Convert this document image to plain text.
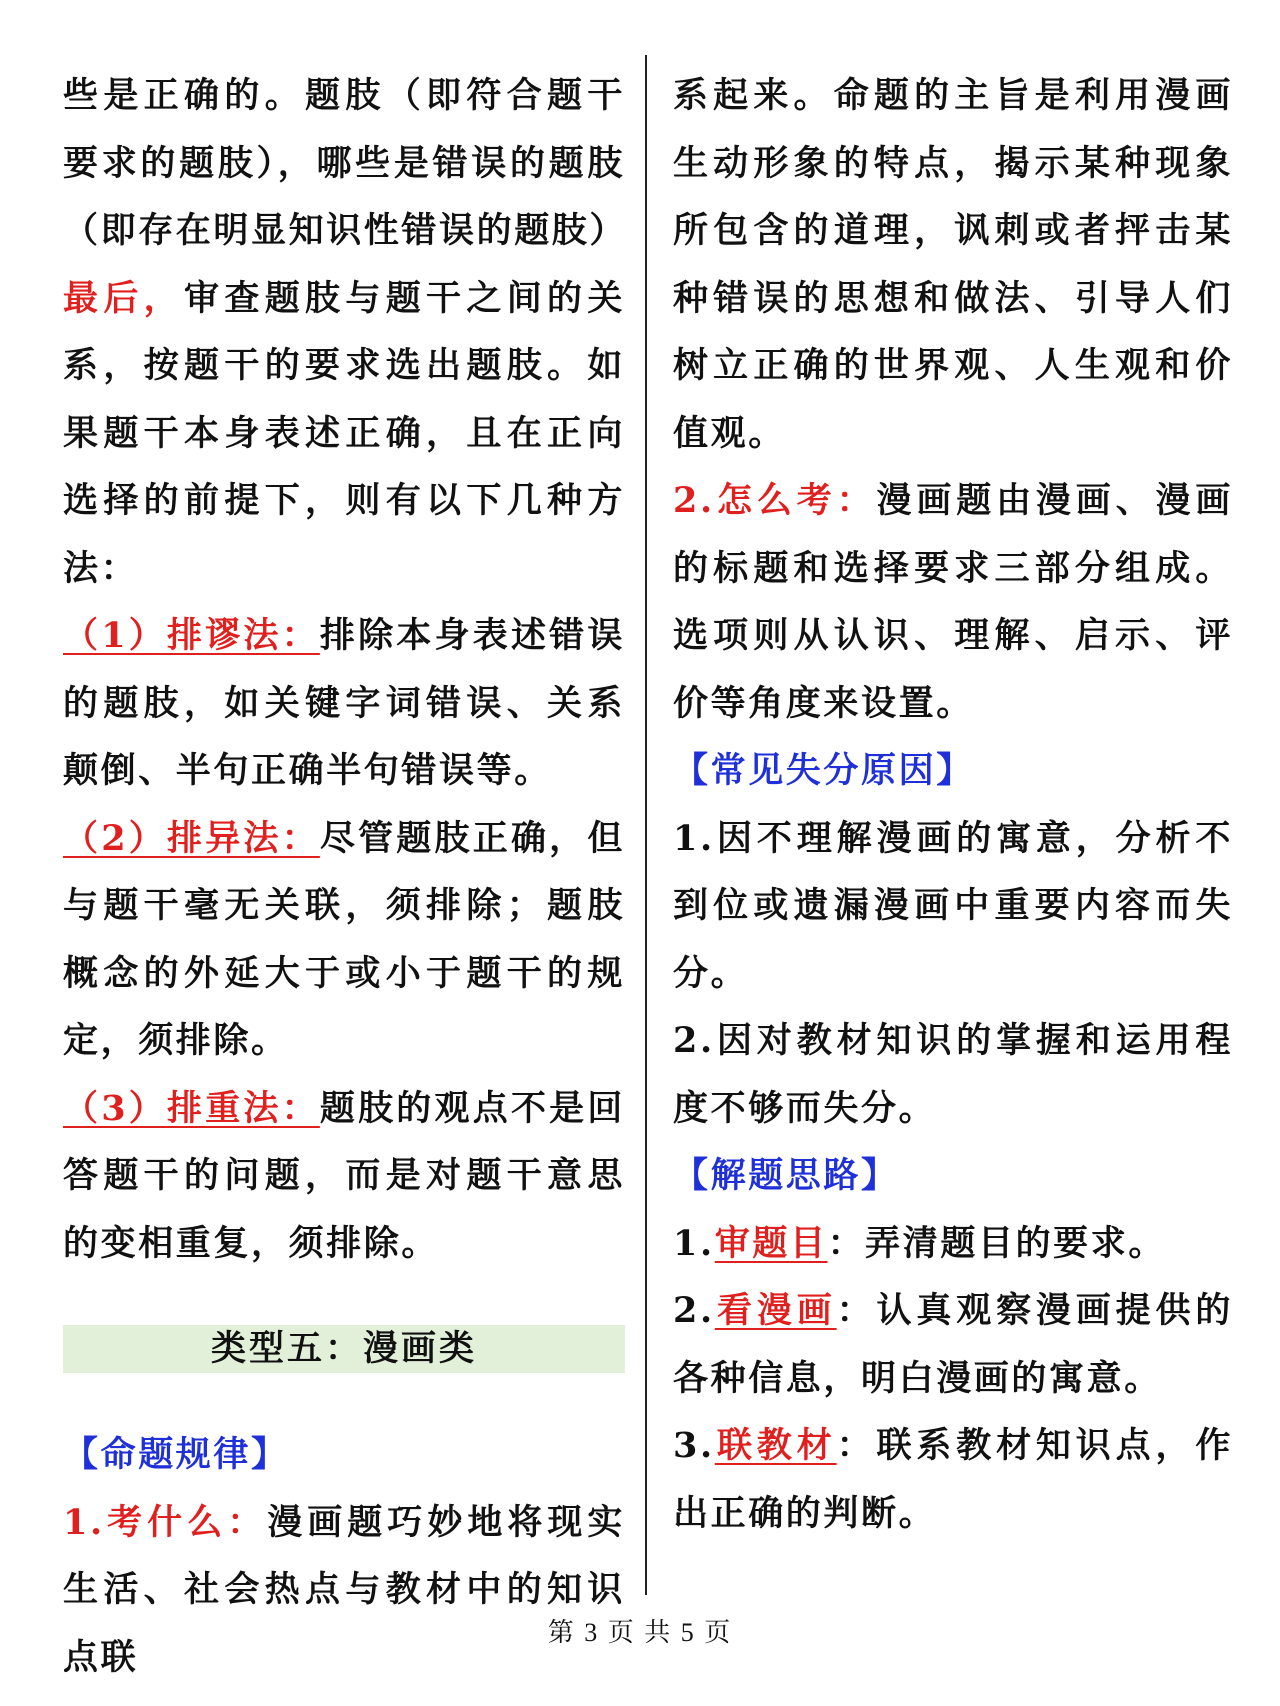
些是正确的。题肢（即符合题干要求的题肢），哪些是错误的题肢（即存在明显知识性错误的题肢）

最后，审查题肢与题干之间的关系，按题干的要求选出题肢。如果题干本身表述正确，且在正向选择的前提下，则有以下几种方法：

（1）排谬法：排除本身表述错误的题肢，如关键字词错误、关系颠倒、半句正确半句错误等。

（2）排异法：尽管题肢正确，但与题干毫无关联，须排除；题肢概念的外延大于或小于题干的规定，须排除。

（3）排重法：题肢的观点不是回答题干的问题，而是对题干意思的变相重复，须排除。

类型五：漫画类

【命题规律】

1.考什么：漫画题巧妙地将现实生活、社会热点与教材中的知识点联

系起来。命题的主旨是利用漫画生动形象的特点，揭示某种现象所包含的道理，讽刺或者抨击某种错误的思想和做法、引导人们树立正确的世界观、人生观和价值观。

2.怎么考：漫画题由漫画、漫画的标题和选择要求三部分组成。选项则从认识、理解、启示、评价等角度来设置。

【常见失分原因】

1.因不理解漫画的寓意，分析不到位或遗漏漫画中重要内容而失分。

2.因对教材知识的掌握和运用程度不够而失分。

【解题思路】

1.审题目：弄清题目的要求。

2.看漫画：认真观察漫画提供的各种信息，明白漫画的寓意。

3.联教材：联系教材知识点，作出正确的判断。

第 3 页 共 5 页
